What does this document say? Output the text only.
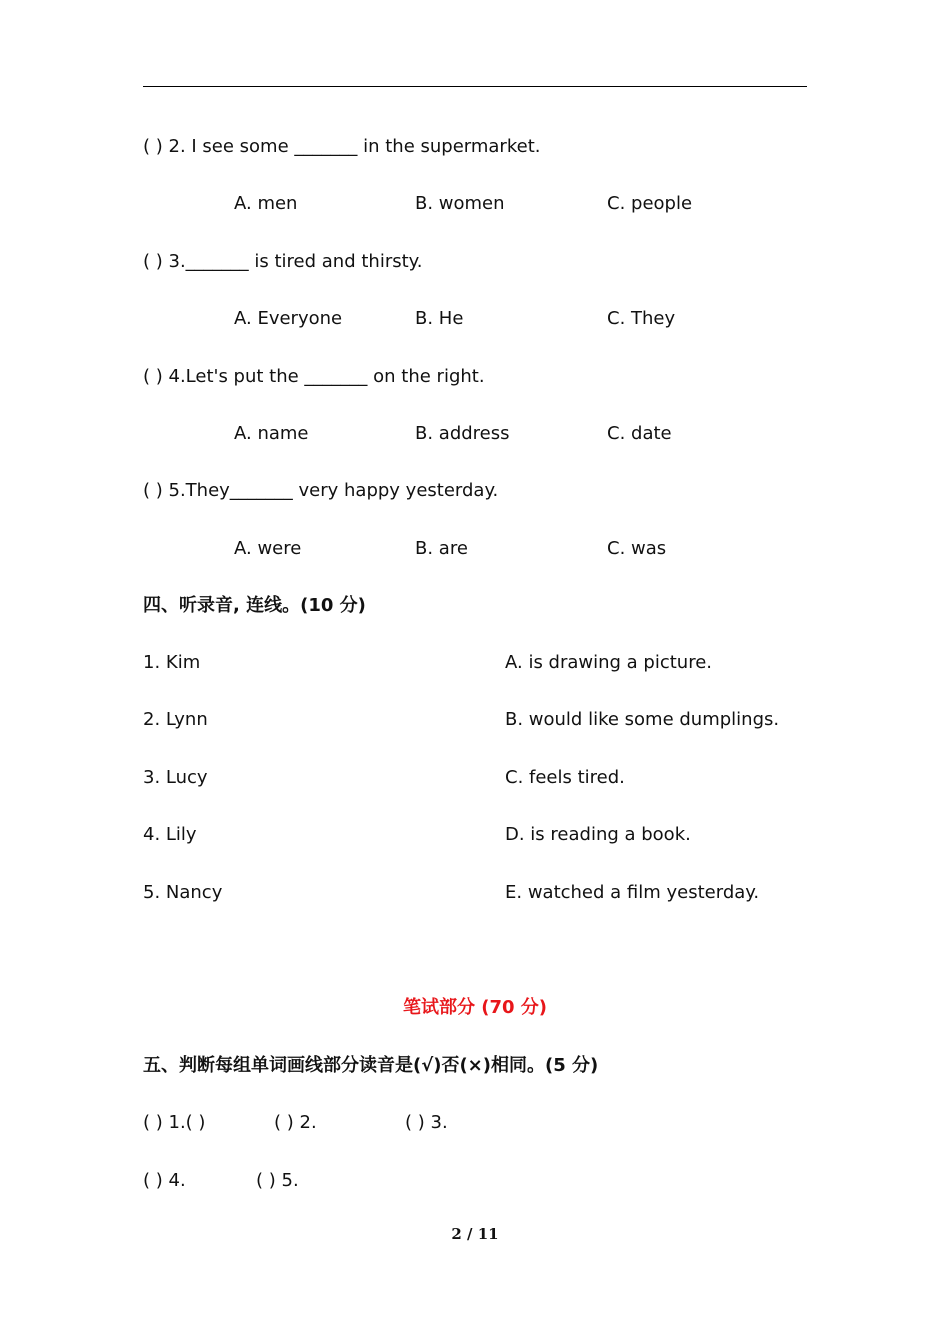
( ) 2. I see some _______ in the supermarket.
A. men	B. women	C. people
( ) 3._______ is tired and thirsty.
A. Everyone	B. He	C. They
( ) 4.Let's put the _______ on the right.
A. name	B. address	C. date
( ) 5.They_______ very happy yesterday.
A. were	B. are	C. was
四、听录音, 连线。(10 分)
1. Kim	A. is drawing a picture.
2. Lynn	B. would like some dumplings.
3. Lucy	C. feels tired.
4. Lily	D. is reading a book.
5. Nancy	E. watched a film yesterday.
笔试部分 (70 分)
五、判断每组单词画线部分读音是(√)否(×)相同。(5 分)
( ) 1.( )	( ) 2.	( ) 3.
( ) 4.	( ) 5.
2 / 11
